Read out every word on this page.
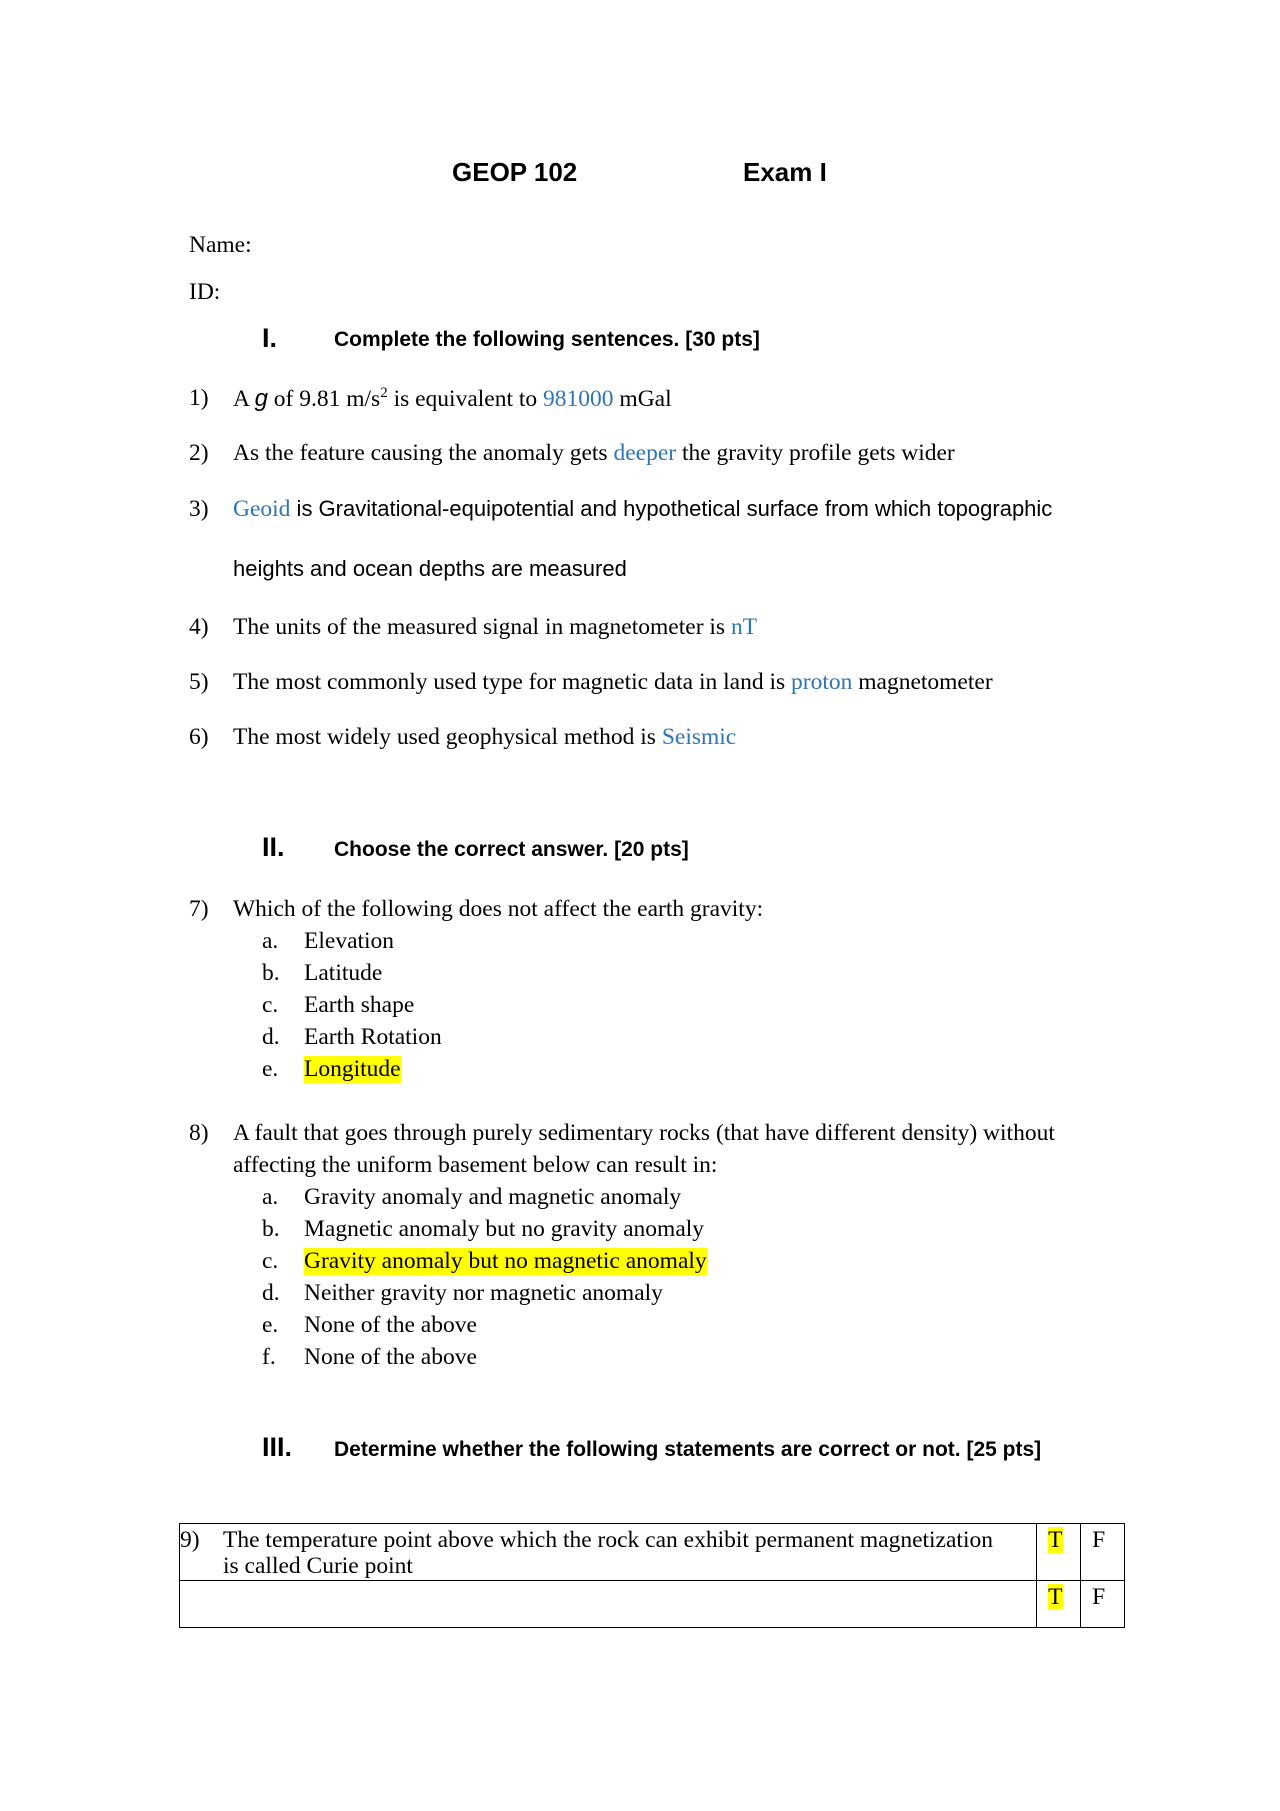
GEOP 102	Exam I
Name:
ID:
I.	Complete the following sentences. [30 pts]
1) A g of 9.81 $m/s^2$ is equivalent to 981000 mGal
2) As the feature causing the anomaly gets deeper the gravity profile gets wider
3) Geoid is Gravitational-equipotential and hypothetical surface from which topographic
heights and ocean depths are measured
4) The units of the measured signal in magnetometer is nT
5) The most commonly used type for magnetic data in land is proton magnetometer
6) The most widely used geophysical method is Seismic
II. Choose the correct answer. [20 pts]
7) Which of the following does not affect the earth gravity:
a. Elevation
b. Latitude
c. Earth shape
d. Earth Rotation
e. Longitude
8) A fault that goes through purely sedimentary rocks (that have different density) without
affecting the uniform basement below can result in:
a. Gravity anomaly and magnetic anomaly
b. Magnetic anomaly but no gravity anomaly
c. Gravity anomaly but no magnetic anomaly
d. Neither gravity nor magnetic anomaly
e. None of the above
f. None of the above
III. Determine whether the following statements are correct or not. [25 pts]
9) The temperature point above which the rock can exhibit permanent magnetization
is called Curie point	T	F

	T	F
